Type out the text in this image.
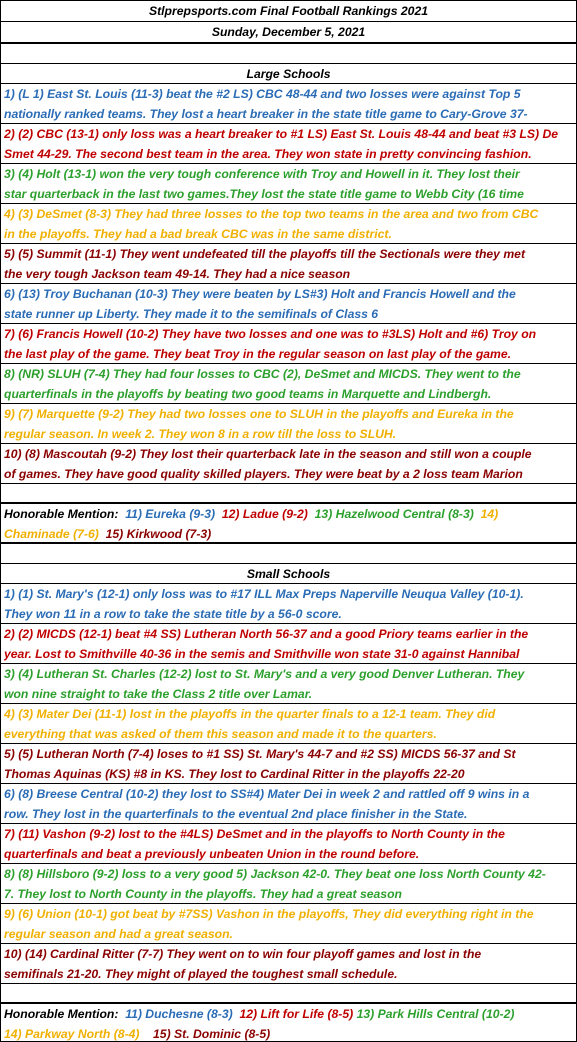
Stlprepsports.com Final Football Rankings 2021
Sunday, December 5, 2021
Large Schools
1) (L 1) East St. Louis (11-3) beat the #2 LS) CBC 48-44 and two losses were against Top 5
nationally ranked teams. They lost a heart breaker in the state title game to Cary-Grove 37-
2) (2) CBC (13-1) only loss was a heart breaker to #1 LS) East St. Louis 48-44 and beat #3 LS) De
Smet 44-29. The second best team in the area. They won state in pretty convincing fashion.
3) (4) Holt (13-1) won the very tough conference with Troy and Howell in it. They lost their
star quarterback in the last two games.They lost the state title game to Webb City (16 time
4) (3) DeSmet (8-3) They had three losses to the top two teams in the area and two from CBC
in the playoffs. They had a bad break CBC was in the same district.
5) (5) Summit (11-1) They went undefeated till the playoffs till the Sectionals were they met
the very tough Jackson team 49-14. They had a nice season
6) (13) Troy Buchanan (10-3) They were beaten by LS#3) Holt and Francis Howell and the
state runner up Liberty. They made it to the semifinals of Class 6
7) (6) Francis Howell (10-2) They have two losses and one was to #3LS) Holt and #6) Troy on
the last play of the game. They beat Troy in the regular season on last play of the game.
8) (NR) SLUH (7-4) They had four losses to CBC (2), DeSmet and MICDS. They went to the
quarterfinals in the playoffs by beating two good teams in Marquette and Lindbergh.
9) (7) Marquette (9-2) They had two losses one to SLUH in the playoffs and Eureka in the
regular season. In week 2. They won 8 in a row till the loss to SLUH.
10) (8) Mascoutah (9-2) They lost their quarterback late in the season and still won a couple
of games. They have good quality skilled players. They were beat by a 2 loss team Marion
Honorable Mention: 11) Eureka (9-3) 12) Ladue (9-2) 13) Hazelwood Central (8-3) 14)
Chaminade (7-6) 15) Kirkwood (7-3)
Small Schools
1) (1) St. Mary's (12-1) only loss was to #17 ILL Max Preps Naperville Neuqua Valley (10-1).
They won 11 in a row to take the state title by a 56-0 score.
2) (2) MICDS (12-1) beat #4 SS) Lutheran North 56-37 and a good Priory teams earlier in the
year. Lost to Smithville 40-36 in the semis and Smithville won state 31-0 against Hannibal
3) (4) Lutheran St. Charles (12-2) lost to St. Mary's and a very good Denver Lutheran. They
won nine straight to take the Class 2 title over Lamar.
4) (3) Mater Dei (11-1) lost in the playoffs in the quarter finals to a 12-1 team. They did
everything that was asked of them this season and made it to the quarters.
5) (5) Lutheran North (7-4) loses to #1 SS) St. Mary's 44-7 and #2 SS) MICDS 56-37 and St
Thomas Aquinas (KS) #8 in KS. They lost to Cardinal Ritter in the playoffs 22-20
6) (8) Breese Central (10-2) they lost to SS#4) Mater Dei in week 2 and rattled off 9 wins in a
row. They lost in the quarterfinals to the eventual 2nd place finisher in the State.
7) (11) Vashon (9-2) lost to the #4LS) DeSmet and in the playoffs to North County in the
quarterfinals and beat a previously unbeaten Union in the round before.
8) (8) Hillsboro (9-2) loss to a very good 5) Jackson 42-0. They beat one loss North County 42-
7. They lost to North County in the playoffs. They had a great season
9) (6) Union (10-1) got beat by #7SS) Vashon in the playoffs, They did everything right in the
regular season and had a great season.
10) (14) Cardinal Ritter (7-7) They went on to win four playoff games and lost in the
semifinals 21-20. They might of played the toughest small schedule.
Honorable Mention: 11) Duchesne (8-3) 12) Lift for Life (8-5) 13) Park Hills Central (10-2)
14) Parkway North (8-4) 15) St. Dominic (8-5)
